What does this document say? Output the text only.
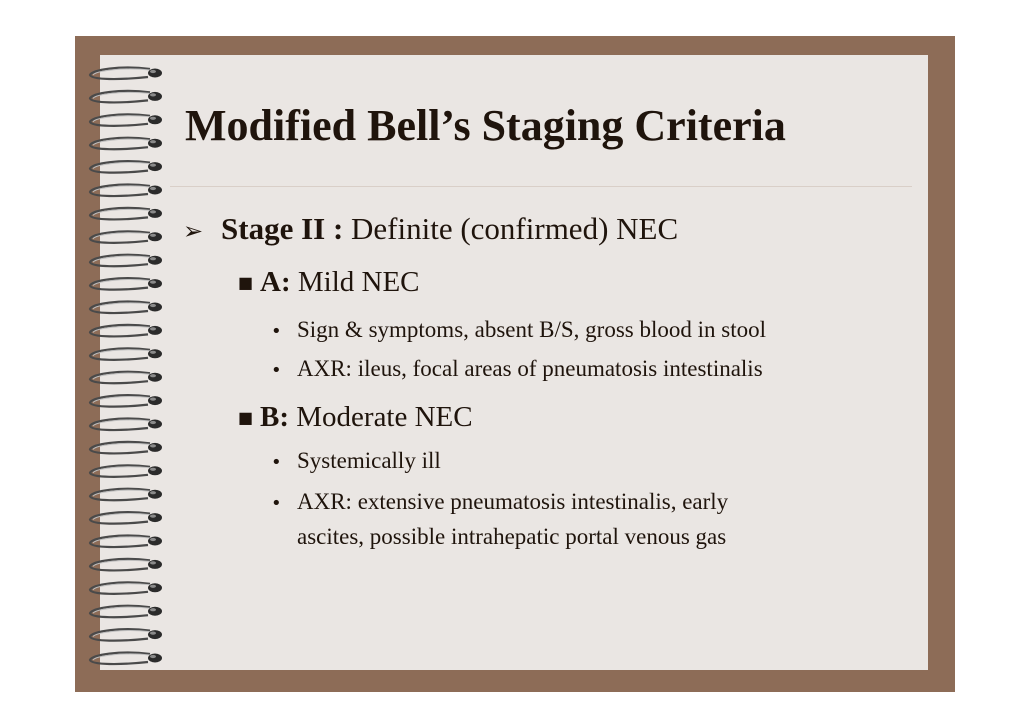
Modified Bell’s Staging Criteria
➢ Stage II : Definite (confirmed) NEC
■ A: Mild NEC
• Sign & symptoms, absent B/S, gross blood in stool
• AXR: ileus, focal areas of pneumatosis intestinalis
■ B: Moderate NEC
• Systemically ill
• AXR: extensive pneumatosis intestinalis, early
ascites, possible intrahepatic portal venous gas
